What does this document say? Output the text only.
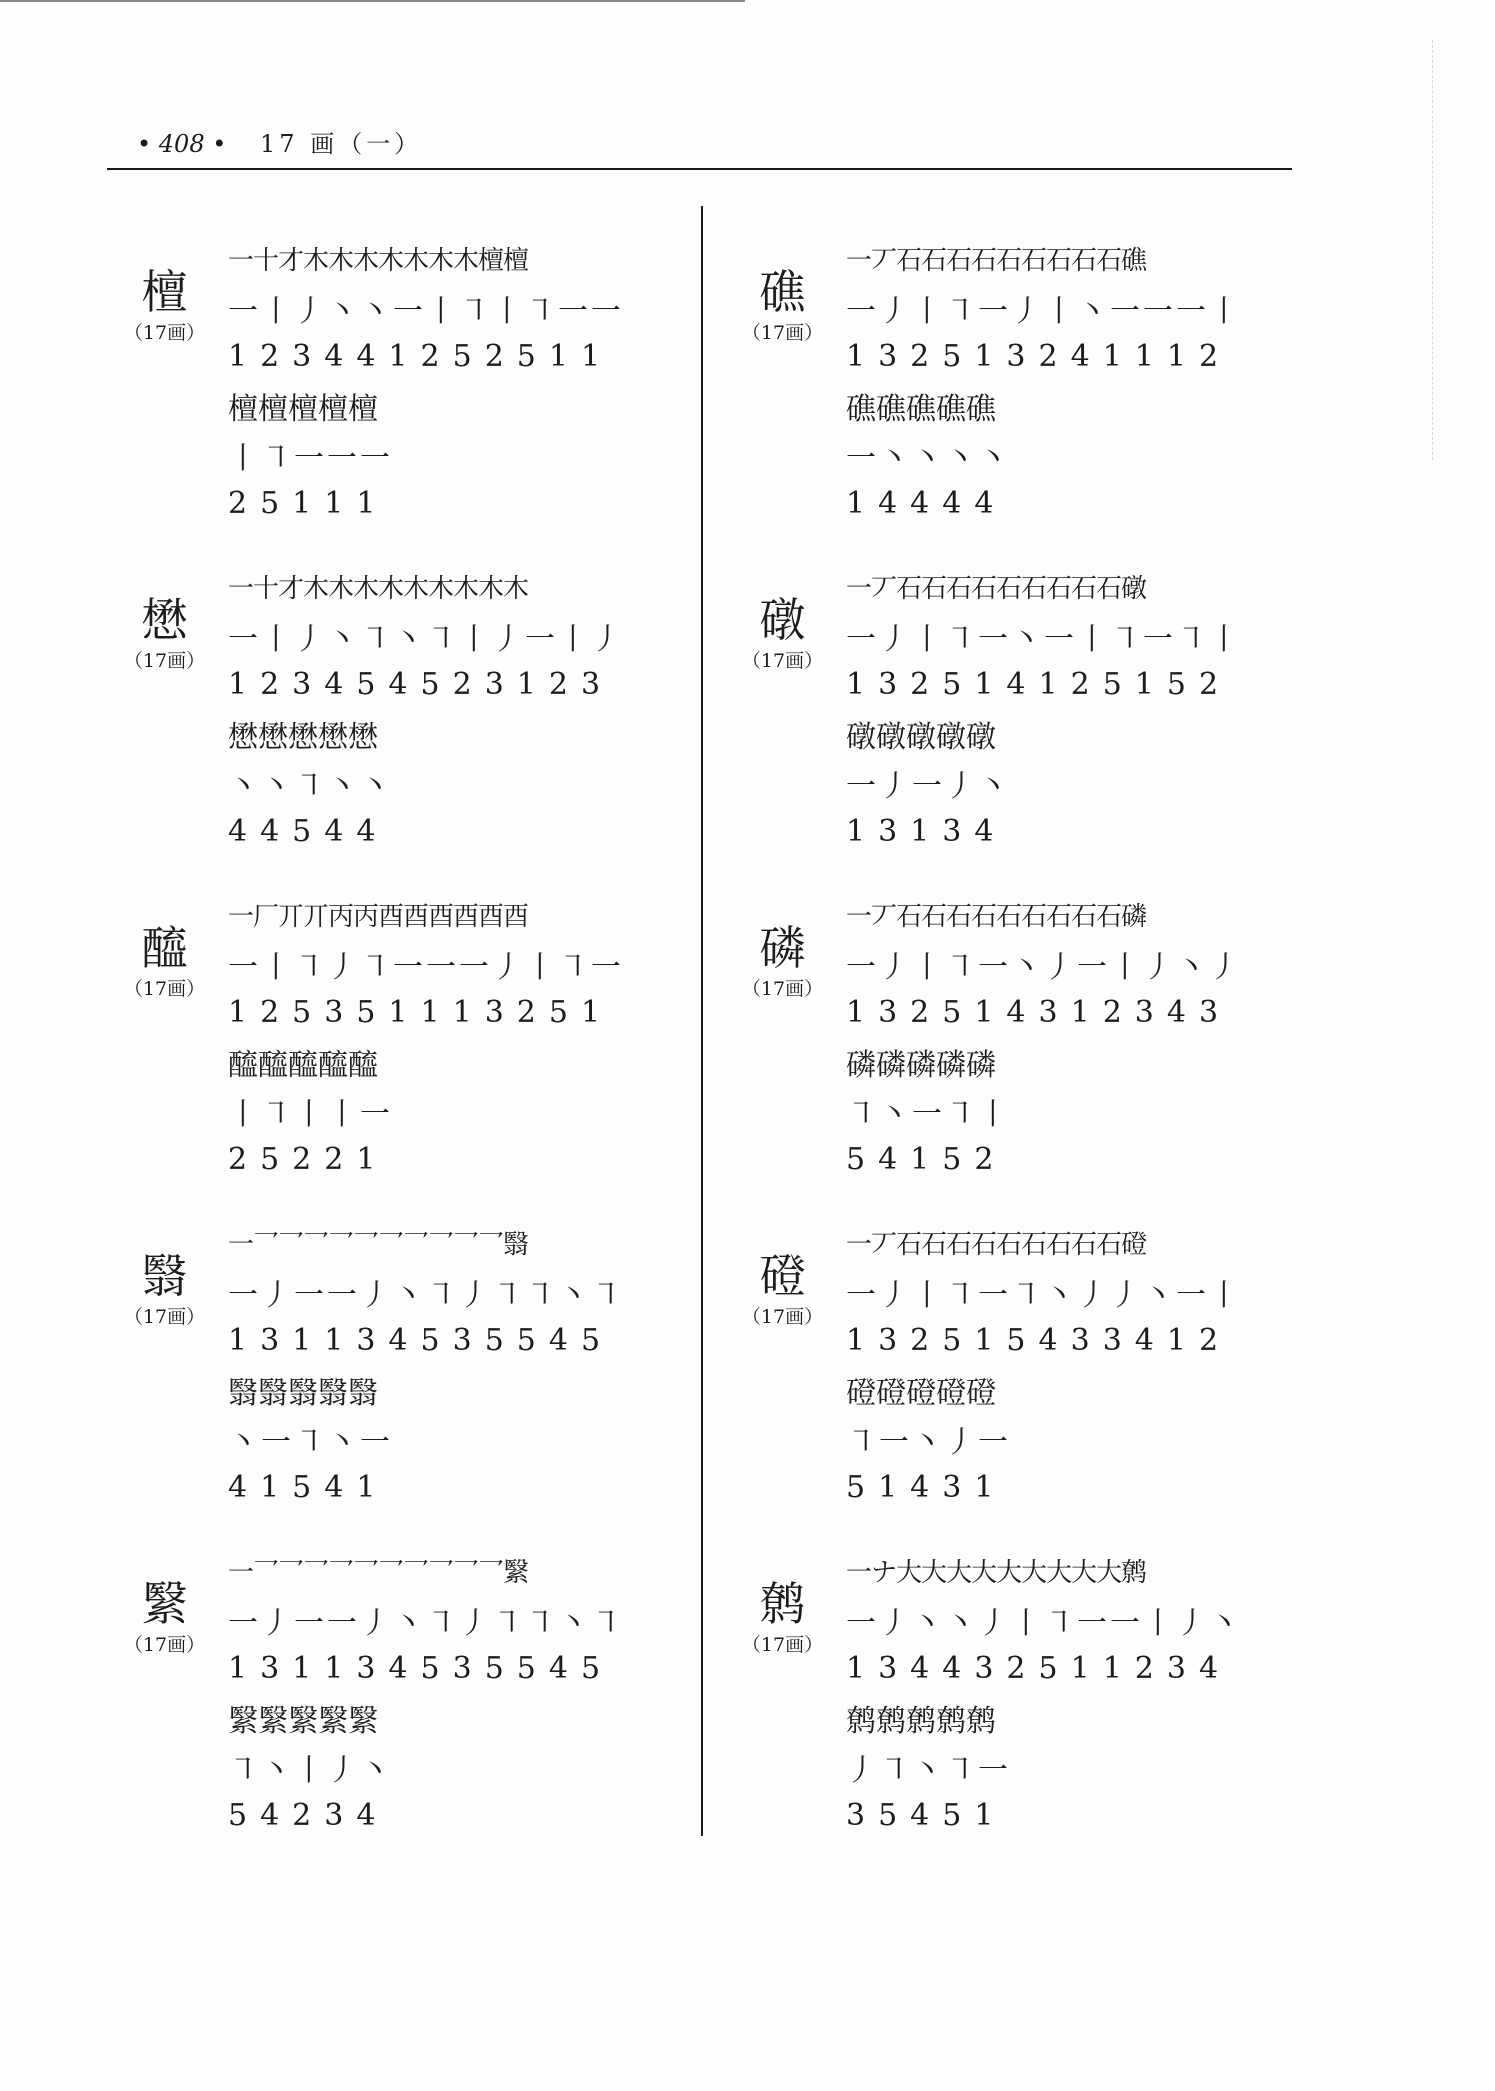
• 408 • 17 画（一）
檀
（17画）
一十才木木木木木木木檀檀
一丨丿丶丶一丨㇕丨㇕一一
123441252511
檀檀檀檀檀
丨㇕一一一
25111
懋
（17画）
一十才木木木木木木木木木
一丨丿丶㇕丶㇕丨丿一丨丿
123454523123
懋懋懋懋懋
丶丶㇕丶丶
44544
醯
（17画）
一厂丌丌丙丙酉酉酉酉酉酉
一丨㇕丿㇕一一一丿丨㇕一
125351113251
醯醯醯醯醯
丨㇕丨丨一
25221
翳
（17画）
一乛乛乛乛乛乛乛乛乛乛翳
一丿一一丿丶㇕丿㇕㇕丶㇕
131134535545
翳翳翳翳翳
丶一㇕丶一
41541
繄
（17画）
一乛乛乛乛乛乛乛乛乛乛繄
一丿一一丿丶㇕丿㇕㇕丶㇕
131134535545
繄繄繄繄繄
㇕丶丨丿丶
54234
礁
（17画）
一丆石石石石石石石石石礁
一丿丨㇕一丿丨丶一一一丨
132513241112
礁礁礁礁礁
一丶丶丶丶
14444
礅
（17画）
一丆石石石石石石石石石礅
一丿丨㇕一丶一丨㇕一㇕丨
132514125152
礅礅礅礅礅
一丿一丿丶
13134
磷
（17画）
一丆石石石石石石石石石磷
一丿丨㇕一丶丿一丨丿丶丿
132514312343
磷磷磷磷磷
㇕丶一㇕丨
54152
磴
（17画）
一丆石石石石石石石石石磴
一丿丨㇕一㇕丶丿丿丶一丨
132515433412
磴磴磴磴磴
㇕一丶丿一
51431
鹩
（17画）
一ナ大大大大大大大大大鹩
一丿丶丶丿丨㇕一一丨丿丶
134432511234
鹩鹩鹩鹩鹩
丿㇕丶㇕一
35451
